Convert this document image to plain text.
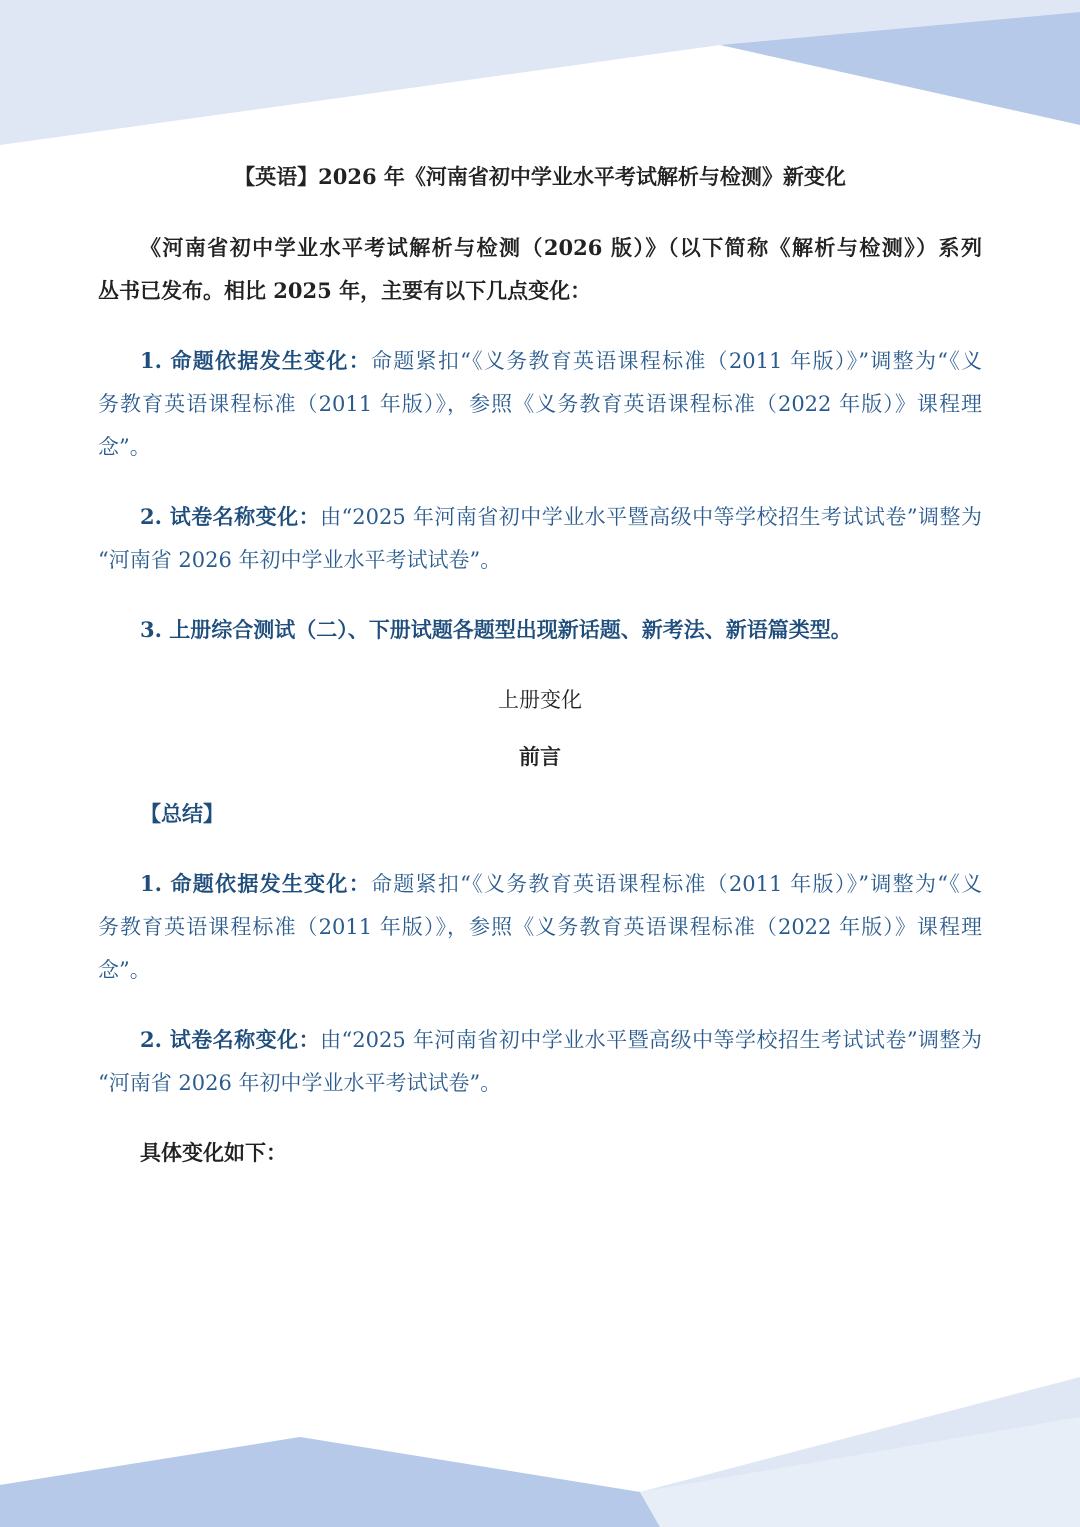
【英语】2026 年《河南省初中学业水平考试解析与检测》新变化
《河南省初中学业水平考试解析与检测（2026 版）》（以下简称《解析与检测》）系列
丛书已发布。相比 2025 年，主要有以下几点变化：
1. 命题依据发生变化：命题紧扣“《义务教育英语课程标准（2011 年版）》”调整为“《义
务教育英语课程标准（2011 年版）》，参照《义务教育英语课程标准（2022 年版）》课程理
念”。
2. 试卷名称变化：由“2025 年河南省初中学业水平暨高级中等学校招生考试试卷”调整为
“河南省 2026 年初中学业水平考试试卷”。
3. 上册综合测试（二）、下册试题各题型出现新话题、新考法、新语篇类型。
上册变化
前言
【总结】
1. 命题依据发生变化：命题紧扣“《义务教育英语课程标准（2011 年版）》”调整为“《义
务教育英语课程标准（2011 年版）》，参照《义务教育英语课程标准（2022 年版）》课程理
念”。
2. 试卷名称变化：由“2025 年河南省初中学业水平暨高级中等学校招生考试试卷”调整为
“河南省 2026 年初中学业水平考试试卷”。
具体变化如下：
